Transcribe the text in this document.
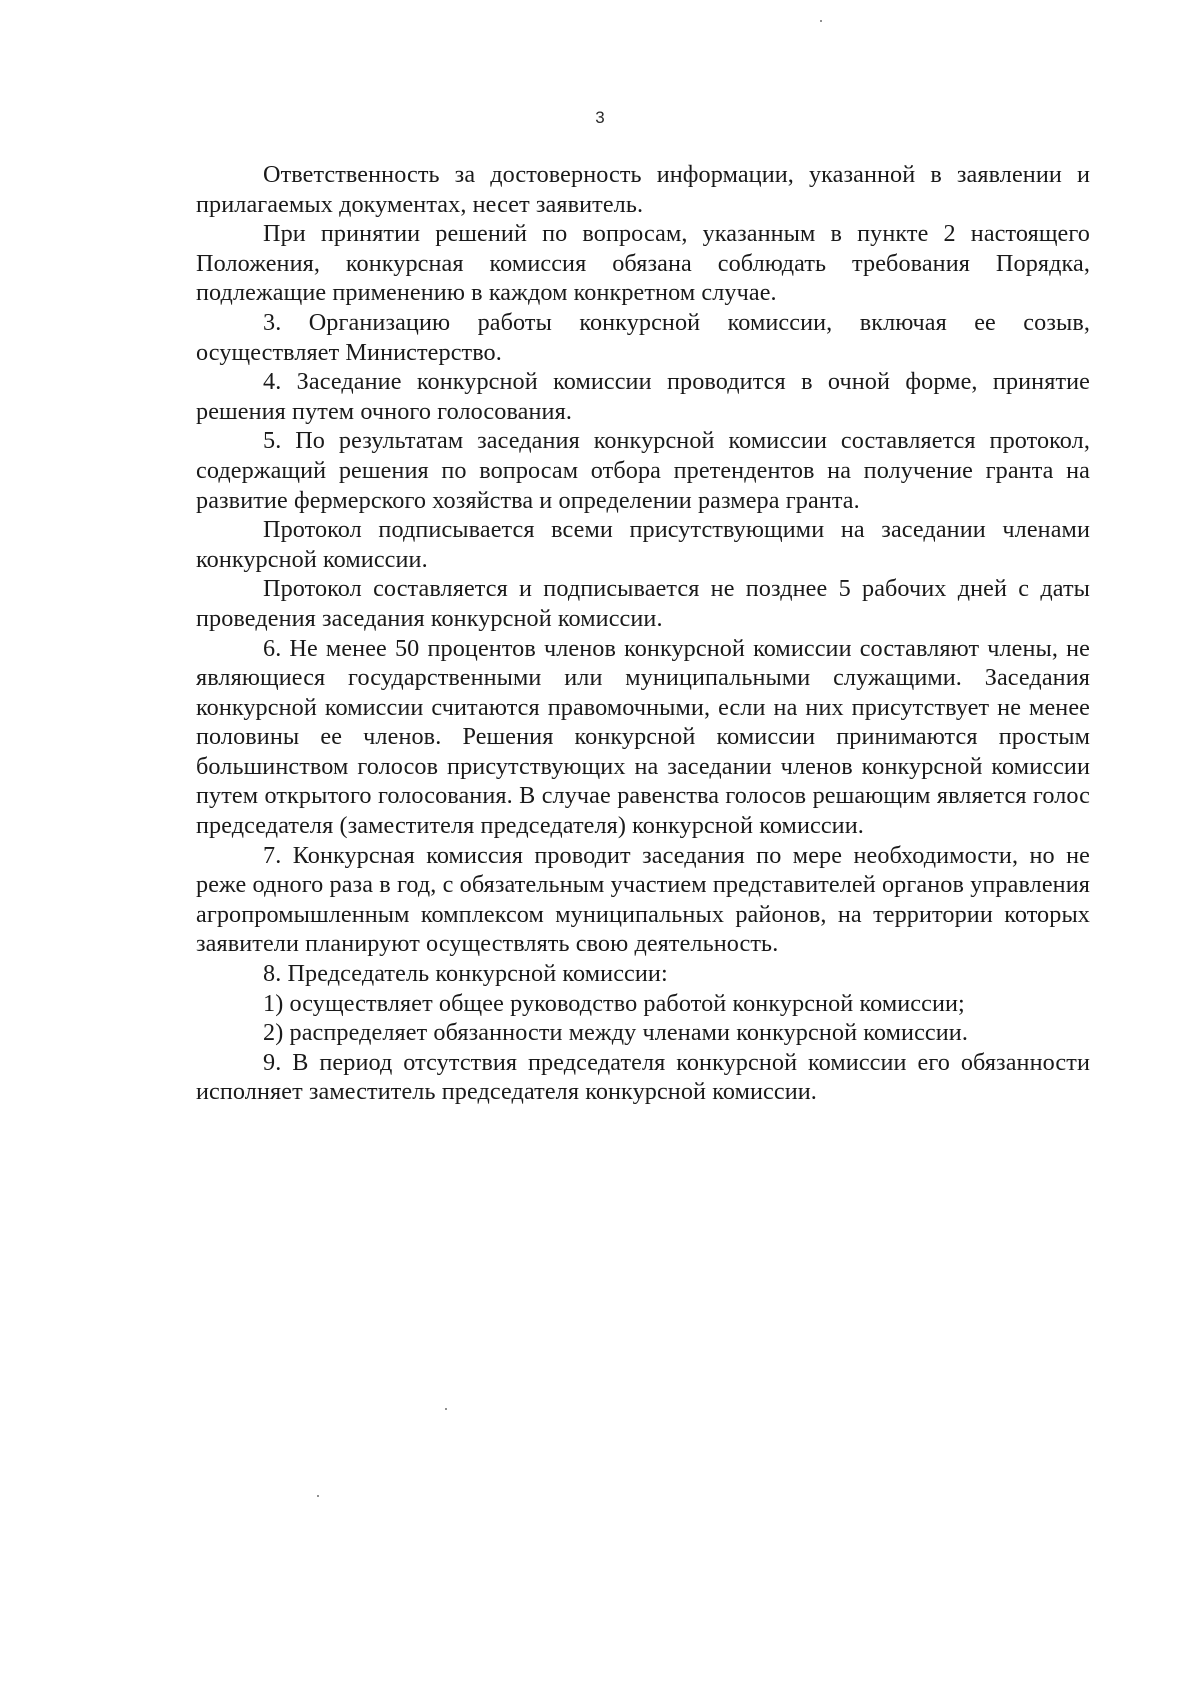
3

Ответственность за достоверность информации, указанной в заявлении и прилагаемых документах, несет заявитель.

При принятии решений по вопросам, указанным в пункте 2 настоящего Положения, конкурсная комиссия обязана соблюдать требования Порядка, подлежащие применению в каждом конкретном случае.

3. Организацию работы конкурсной комиссии, включая ее созыв, осуществляет Министерство.

4. Заседание конкурсной комиссии проводится в очной форме, принятие решения путем очного голосования.

5. По результатам заседания конкурсной комиссии составляется протокол, содержащий решения по вопросам отбора претендентов на получение гранта на развитие фермерского хозяйства и определении размера гранта.

Протокол подписывается всеми присутствующими на заседании членами конкурсной комиссии.

Протокол составляется и подписывается не позднее 5 рабочих дней с даты проведения заседания конкурсной комиссии.

6. Не менее 50 процентов членов конкурсной комиссии составляют члены, не являющиеся государственными или муниципальными служащими. Заседания конкурсной комиссии считаются правомочными, если на них присутствует не менее половины ее членов. Решения конкурсной комиссии принимаются простым большинством голосов присутствующих на заседании членов конкурсной комиссии путем открытого голосования. В случае равенства голосов решающим является голос председателя (заместителя председателя) конкурсной комиссии.

7. Конкурсная комиссия проводит заседания по мере необходимости, но не реже одного раза в год, с обязательным участием представителей органов управления агропромышленным комплексом муниципальных районов, на территории которых заявители планируют осуществлять свою деятельность.

8. Председатель конкурсной комиссии:

1) осуществляет общее руководство работой конкурсной комиссии;

2) распределяет обязанности между членами конкурсной комиссии.

9. В период отсутствия председателя конкурсной комиссии его обязанности исполняет заместитель председателя конкурсной комиссии.
